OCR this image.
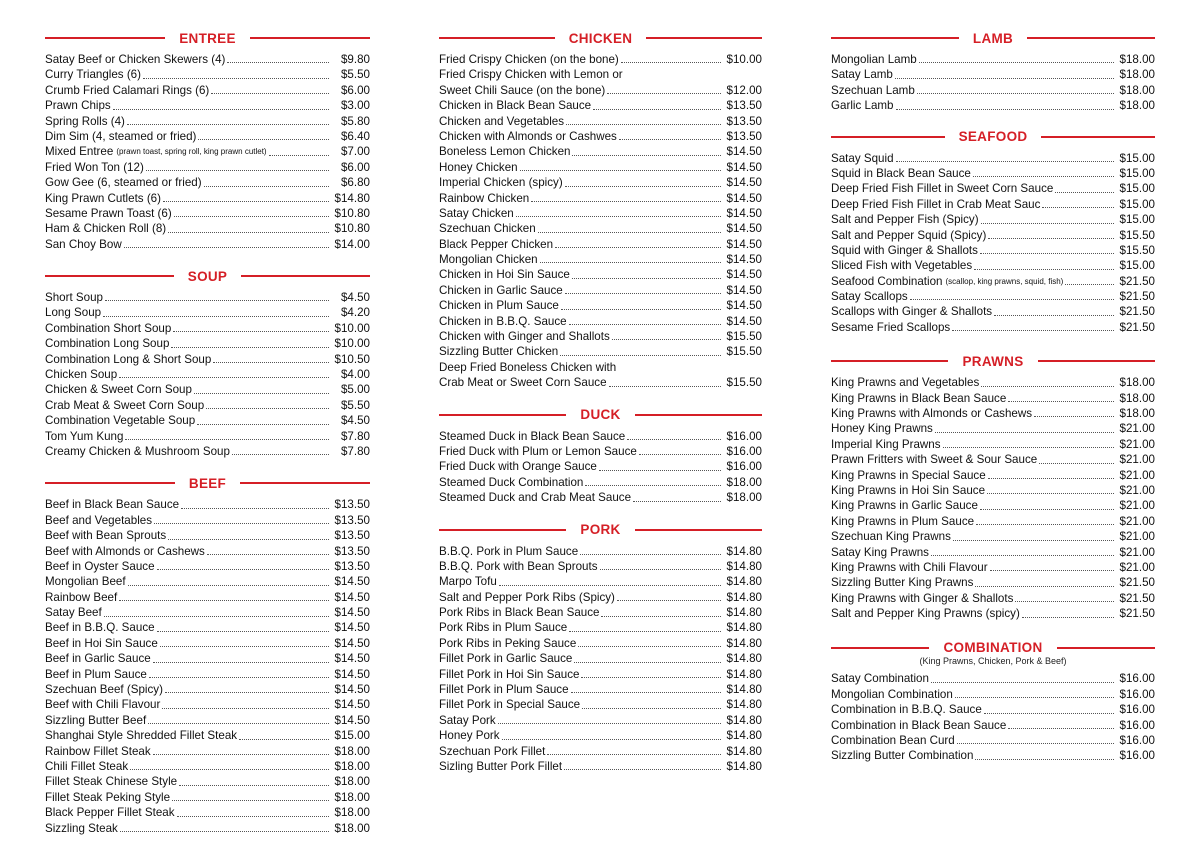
ENTREE
Satay Beef or Chicken Skewers (4)	$9.80
Curry Triangles (6)	$5.50
Crumb Fried Calamari Rings (6)	$6.00
Prawn Chips	$3.00
Spring Rolls (4)	$5.80
Dim Sim (4, steamed or fried)	$6.40
Mixed Entree (prawn toast, spring roll, king prawn cutlet)	$7.00
Fried Won Ton (12)	$6.00
Gow Gee (6, steamed or fried)	$6.80
King Prawn Cutlets (6)	$14.80
Sesame Prawn Toast (6)	$10.80
Ham & Chicken Roll (8)	$10.80
San Choy Bow	$14.00
SOUP
Short Soup	$4.50
Long Soup	$4.20
Combination Short Soup	$10.00
Combination Long Soup	$10.00
Combination Long & Short Soup	$10.50
Chicken Soup	$4.00
Chicken & Sweet Corn Soup	$5.00
Crab Meat & Sweet Corn Soup	$5.50
Combination Vegetable Soup	$4.50
Tom Yum Kung	$7.80
Creamy Chicken & Mushroom Soup	$7.80
BEEF
Beef in Black Bean Sauce	$13.50
Beef and Vegetables	$13.50
Beef with Bean Sprouts	$13.50
Beef with Almonds or Cashews	$13.50
Beef in Oyster Sauce	$13.50
Mongolian Beef	$14.50
Rainbow Beef	$14.50
Satay Beef	$14.50
Beef in B.B.Q. Sauce	$14.50
Beef in Hoi Sin Sauce	$14.50
Beef in Garlic Sauce	$14.50
Beef in Plum Sauce	$14.50
Szechuan Beef (Spicy)	$14.50
Beef with Chili Flavour	$14.50
Sizzling Butter Beef	$14.50
Shanghai Style Shredded Fillet Steak	$15.00
Rainbow Fillet Steak	$18.00
Chili Fillet Steak	$18.00
Fillet Steak Chinese Style	$18.00
Fillet Steak Peking Style	$18.00
Black Pepper Fillet Steak	$18.00
Sizzling Steak	$18.00
CHICKEN
Fried Crispy Chicken (on the bone)	$10.00
Fried Crispy Chicken with Lemon or
Sweet Chili Sauce (on the bone)	$12.00
Chicken in Black Bean Sauce	$13.50
Chicken and Vegetables	$13.50
Chicken with Almonds or Cashwes	$13.50
Boneless Lemon Chicken	$14.50
Honey Chicken	$14.50
Imperial Chicken (spicy)	$14.50
Rainbow Chicken	$14.50
Satay Chicken	$14.50
Szechuan Chicken	$14.50
Black Pepper Chicken	$14.50
Mongolian Chicken	$14.50
Chicken in Hoi Sin Sauce	$14.50
Chicken in Garlic Sauce	$14.50
Chicken in Plum Sauce	$14.50
Chicken in B.B.Q. Sauce	$14.50
Chicken with Ginger and Shallots	$15.50
Sizzling Butter Chicken	$15.50
Deep Fried Boneless Chicken with
Crab Meat or Sweet Corn Sauce	$15.50
DUCK
Steamed Duck in Black Bean Sauce	$16.00
Fried Duck with Plum or Lemon Sauce	$16.00
Fried Duck with Orange Sauce	$16.00
Steamed Duck Combination	$18.00
Steamed Duck and Crab Meat Sauce	$18.00
PORK
B.B.Q. Pork in Plum Sauce	$14.80
B.B.Q. Pork with Bean Sprouts	$14.80
Marpo Tofu	$14.80
Salt and Pepper Pork Ribs (Spicy)	$14.80
Pork Ribs in Black Bean Sauce	$14.80
Pork Ribs in Plum Sauce	$14.80
Pork Ribs in Peking Sauce	$14.80
Fillet Pork in Garlic Sauce	$14.80
Fillet Pork in Hoi Sin Sauce	$14.80
Fillet Pork in Plum Sauce	$14.80
Fillet Pork in Special Sauce	$14.80
Satay Pork	$14.80
Honey Pork	$14.80
Szechuan Pork Fillet	$14.80
Sizling Butter Pork Fillet	$14.80
LAMB
Mongolian Lamb	$18.00
Satay Lamb	$18.00
Szechuan Lamb	$18.00
Garlic Lamb	$18.00
SEAFOOD
Satay Squid	$15.00
Squid in Black Bean Sauce	$15.00
Deep Fried Fish Fillet in Sweet Corn Sauce	$15.00
Deep Fried Fish Fillet in Crab Meat Sauc	$15.00
Salt and Pepper Fish (Spicy)	$15.00
Salt and Pepper Squid (Spicy)	$15.50
Squid with Ginger & Shallots	$15.50
Sliced Fish with Vegetables	$15.00
Seafood Combination (scallop, king prawns, squid, fish)	$21.50
Satay Scallops	$21.50
Scallops with Ginger & Shallots	$21.50
Sesame Fried Scallops	$21.50
PRAWNS
King Prawns and Vegetables	$18.00
King Prawns in Black Bean Sauce	$18.00
King Prawns with Almonds or Cashews	$18.00
Honey King Prawns	$21.00
Imperial King Prawns	$21.00
Prawn Fritters with Sweet & Sour Sauce	$21.00
King Prawns in Special Sauce	$21.00
King Prawns in Hoi Sin Sauce	$21.00
King Prawns in Garlic Sauce	$21.00
King Prawns in Plum Sauce	$21.00
Szechuan King Prawns	$21.00
Satay King Prawns	$21.00
King Prawns with Chili Flavour	$21.00
Sizzling Butter King Prawns	$21.50
King Prawns with Ginger & Shallots	$21.50
Salt and Pepper King Prawns (spicy)	$21.50
COMBINATION
(King Prawns, Chicken, Pork & Beef)
Satay Combination	$16.00
Mongolian Combination	$16.00
Combination in B.B.Q. Sauce	$16.00
Combination in Black Bean Sauce	$16.00
Combination Bean Curd	$16.00
Sizzling Butter Combination	$16.00
